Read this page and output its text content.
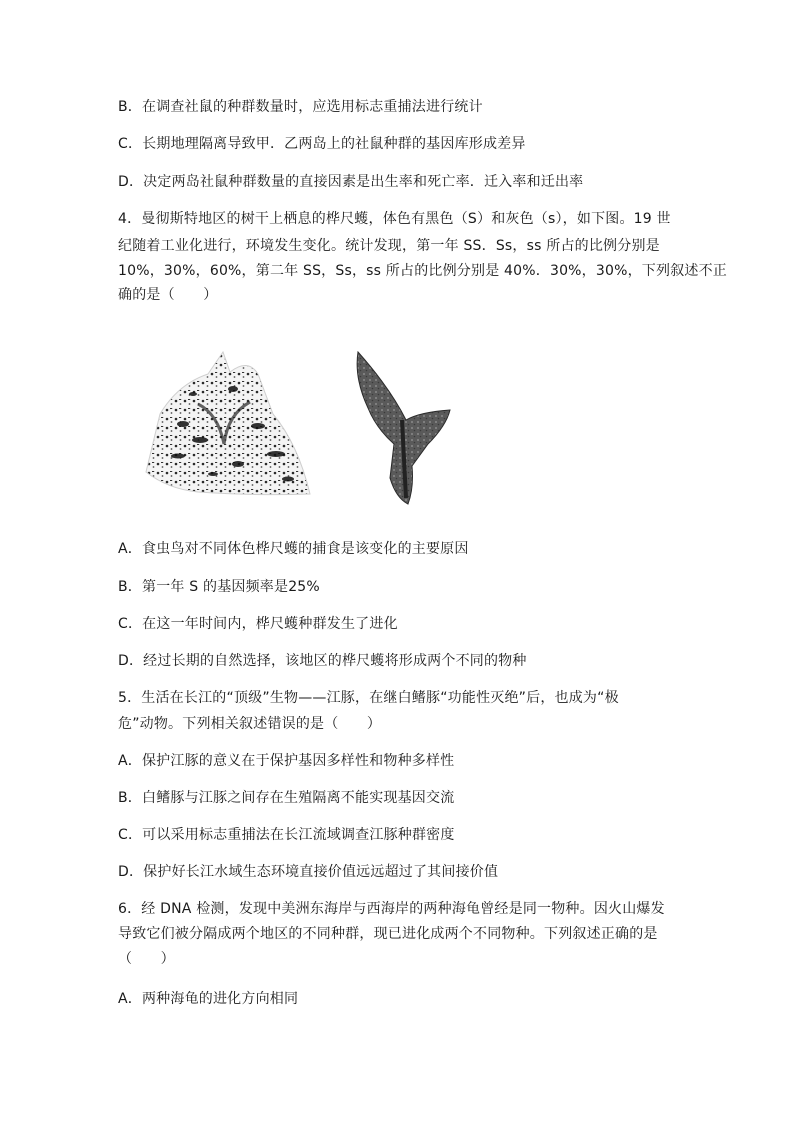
B．在调查社鼠的种群数量时，应选用标志重捕法进行统计
C．长期地理隔离导致甲．乙两岛上的社鼠种群的基因库形成差异
D．决定两岛社鼠种群数量的直接因素是出生率和死亡率．迁入率和迁出率
4．曼彻斯特地区的树干上栖息的桦尺蠖，体色有黑色（S）和灰色（s），如下图。19 世
纪随着工业化进行，环境发生变化。统计发现，第一年 SS．Ss，ss 所占的比例分别是
10%，30%，60%，第二年 SS，Ss，ss 所占的比例分别是 40%．30%，30%，下列叙述不正
确的是（　　）
A．食虫鸟对不同体色桦尺蠖的捕食是该变化的主要原因
B．第一年 S 的基因频率是25%
C．在这一年时间内，桦尺蠖种群发生了进化
D．经过长期的自然选择，该地区的桦尺蠖将形成两个不同的物种
5．生活在长江的“顶级”生物——江豚，在继白鳍豚“功能性灭绝”后，也成为“极
危”动物。下列相关叙述错误的是（　　）
A．保护江豚的意义在于保护基因多样性和物种多样性
B．白鳍豚与江豚之间存在生殖隔离不能实现基因交流
C．可以采用标志重捕法在长江流域调查江豚种群密度
D．保护好长江水域生态环境直接价值远远超过了其间接价值
6．经 DNA 检测，发现中美洲东海岸与西海岸的两种海龟曾经是同一物种。因火山爆发
导致它们被分隔成两个地区的不同种群，现已进化成两个不同物种。下列叙述正确的是
（　　）
A．两种海龟的进化方向相同
